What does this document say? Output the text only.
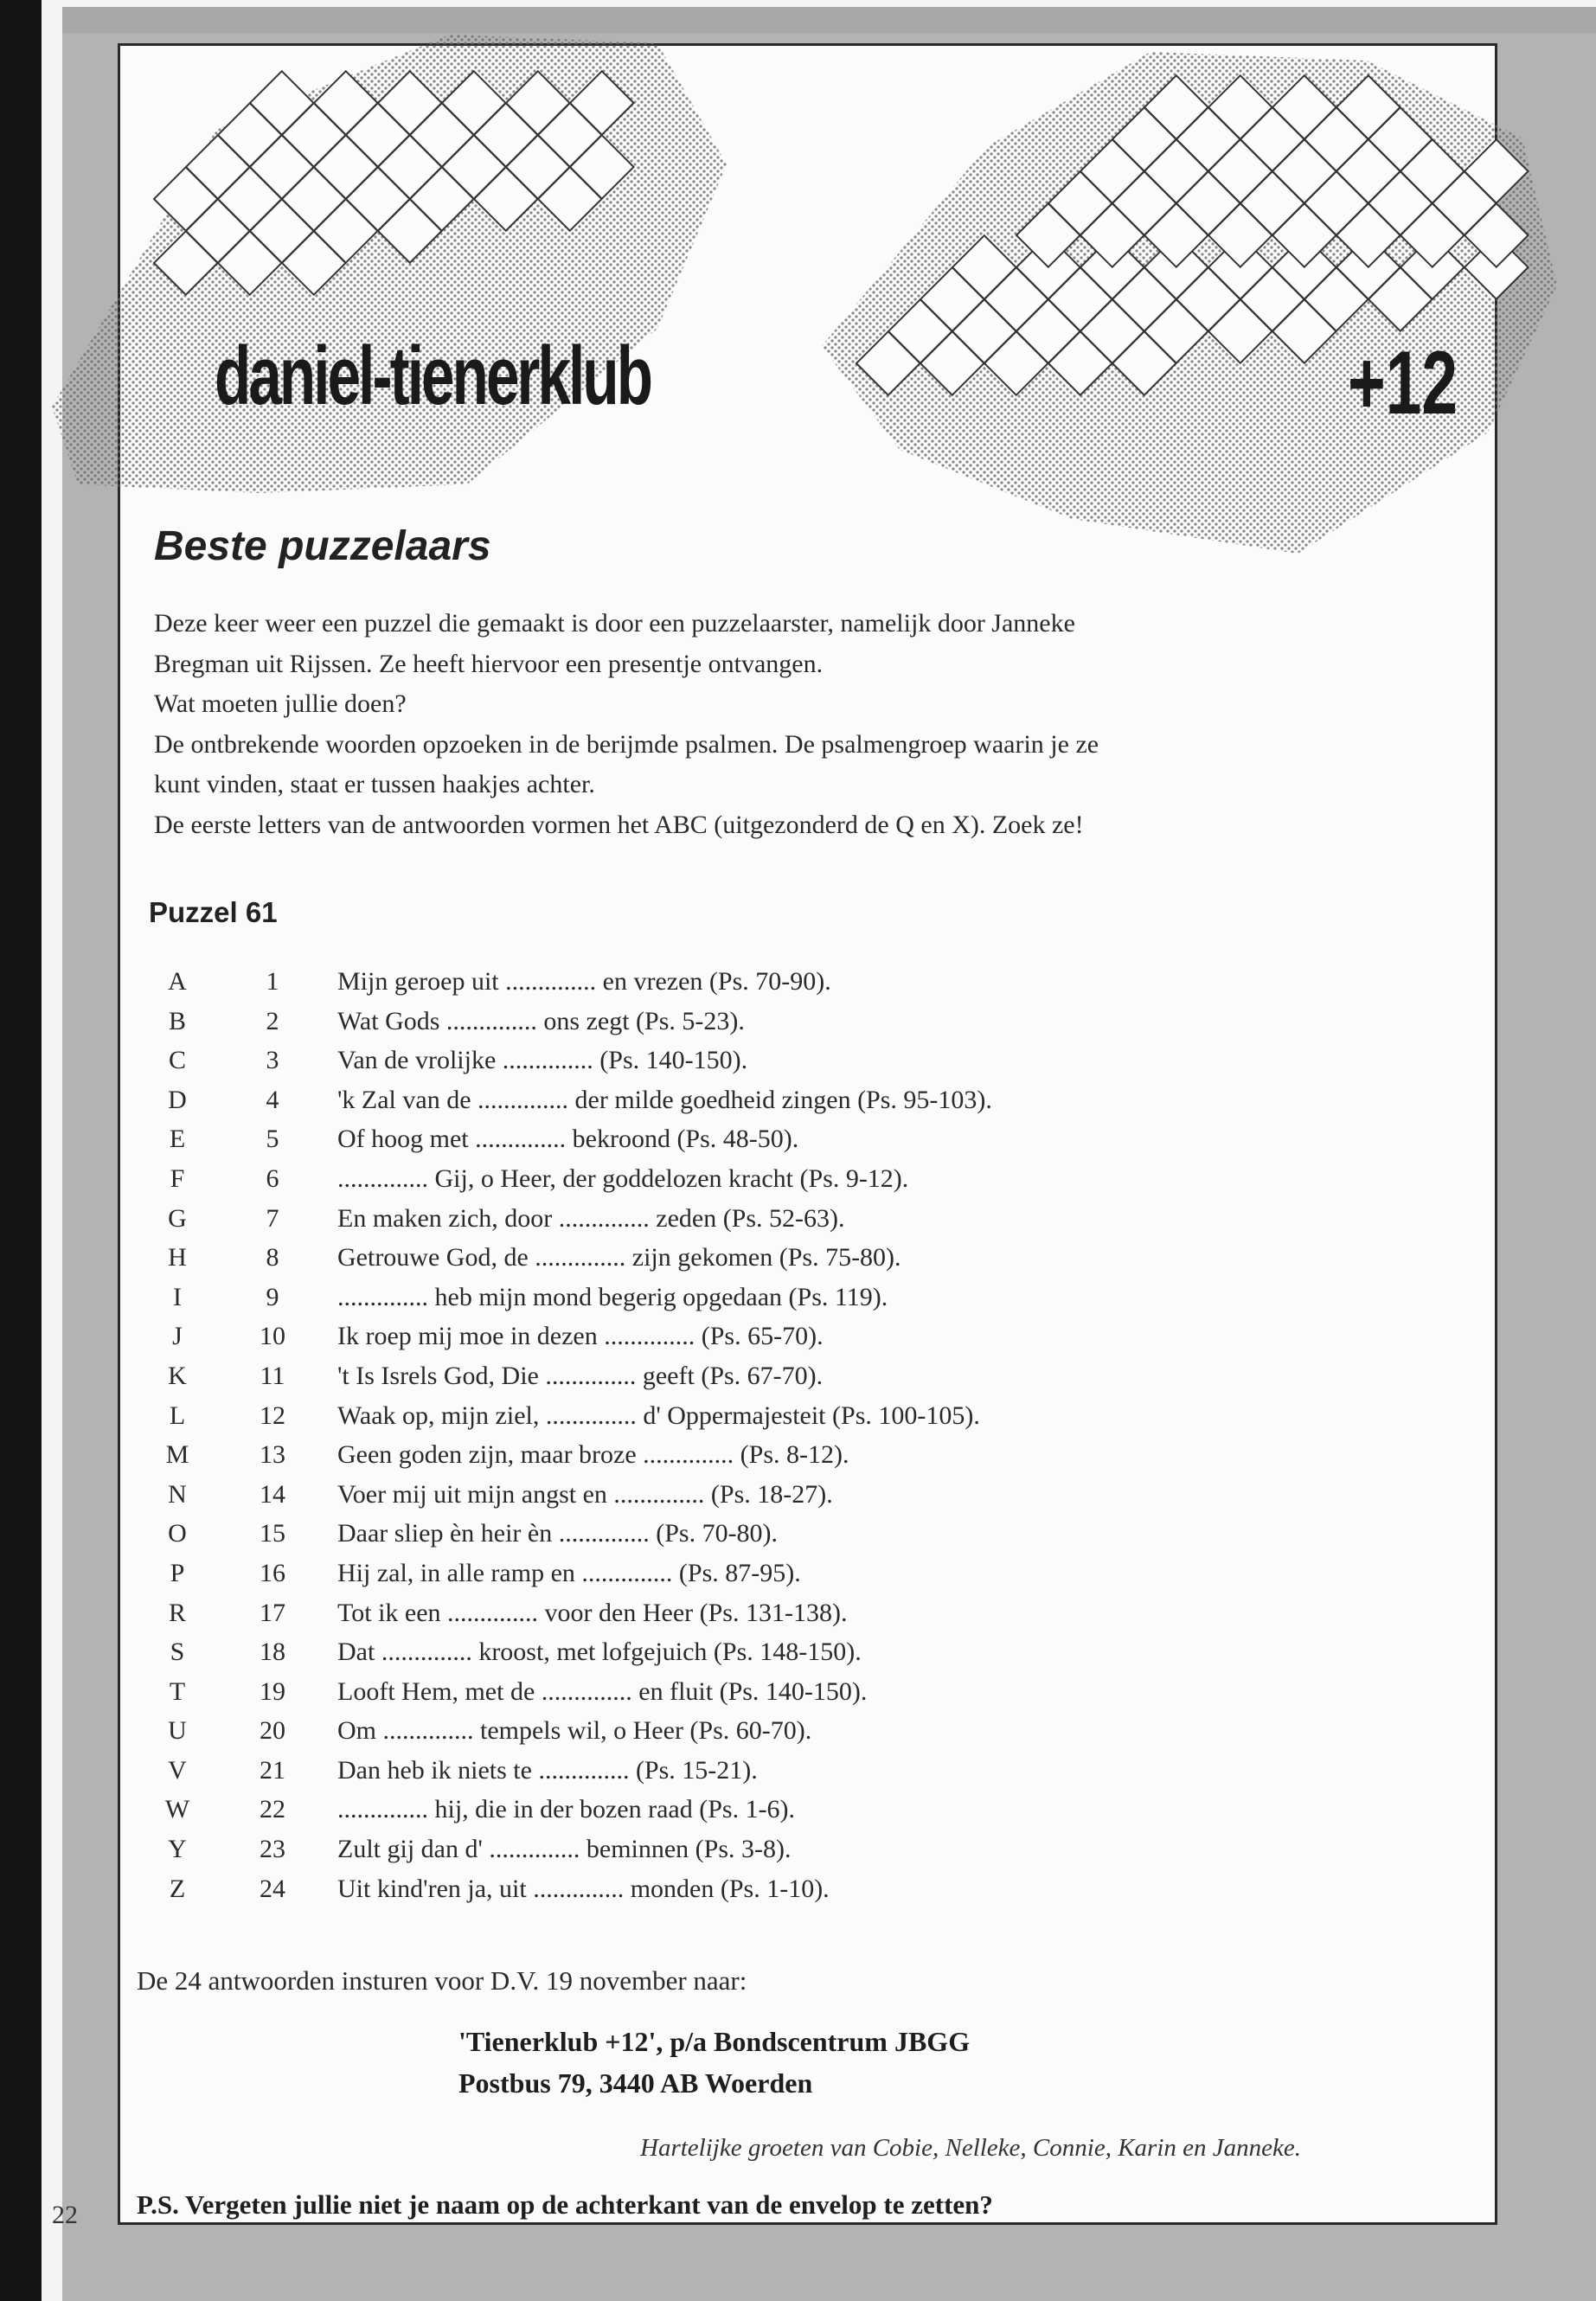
22
daniel-tienerklub	+12
Beste puzzelaars
Deze keer weer een puzzel die gemaakt is door een puzzelaarster, namelijk door Janneke
Bregman uit Rijssen. Ze heeft hiervoor een presentje ontvangen.
Wat moeten jullie doen?
De ontbrekende woorden opzoeken in de berijmde psalmen. De psalmengroep waarin je ze
kunt vinden, staat er tussen haakjes achter.
De eerste letters van de antwoorden vormen het ABC (uitgezonderd de Q en X). Zoek ze!
Puzzel 61
A	1	Mijn geroep uit .............. en vrezen (Ps. 70-90).
B	2	Wat Gods .............. ons zegt (Ps. 5-23).
C	3	Van de vrolijke .............. (Ps. 140-150).
D	4	'k Zal van de .............. der milde goedheid zingen (Ps. 95-103).
E	5	Of hoog met .............. bekroond (Ps. 48-50).
F	6	.............. Gij, o Heer, der goddelozen kracht (Ps. 9-12).
G	7	En maken zich, door .............. zeden (Ps. 52-63).
H	8	Getrouwe God, de .............. zijn gekomen (Ps. 75-80).
I	9	.............. heb mijn mond begerig opgedaan (Ps. 119).
J	10	Ik roep mij moe in dezen .............. (Ps. 65-70).
K	11	't Is Isrels God, Die .............. geeft (Ps. 67-70).
L	12	Waak op, mijn ziel, .............. d' Oppermajesteit (Ps. 100-105).
M	13	Geen goden zijn, maar broze .............. (Ps. 8-12).
N	14	Voer mij uit mijn angst en .............. (Ps. 18-27).
O	15	Daar sliep èn heir èn .............. (Ps. 70-80).
P	16	Hij zal, in alle ramp en .............. (Ps. 87-95).
R	17	Tot ik een .............. voor den Heer (Ps. 131-138).
S	18	Dat .............. kroost, met lofgejuich (Ps. 148-150).
T	19	Looft Hem, met de .............. en fluit (Ps. 140-150).
U	20	Om .............. tempels wil, o Heer (Ps. 60-70).
V	21	Dan heb ik niets te .............. (Ps. 15-21).
W	22	.............. hij, die in der bozen raad (Ps. 1-6).
Y	23	Zult gij dan d' .............. beminnen (Ps. 3-8).
Z	24	Uit kind'ren ja, uit .............. monden (Ps. 1-10).
De 24 antwoorden insturen voor D.V. 19 november naar:
'Tienerklub +12', p/a Bondscentrum JBGG
Postbus 79, 3440 AB Woerden
Hartelijke groeten van Cobie, Nelleke, Connie, Karin en Janneke.
P.S. Vergeten jullie niet je naam op de achterkant van de envelop te zetten?
